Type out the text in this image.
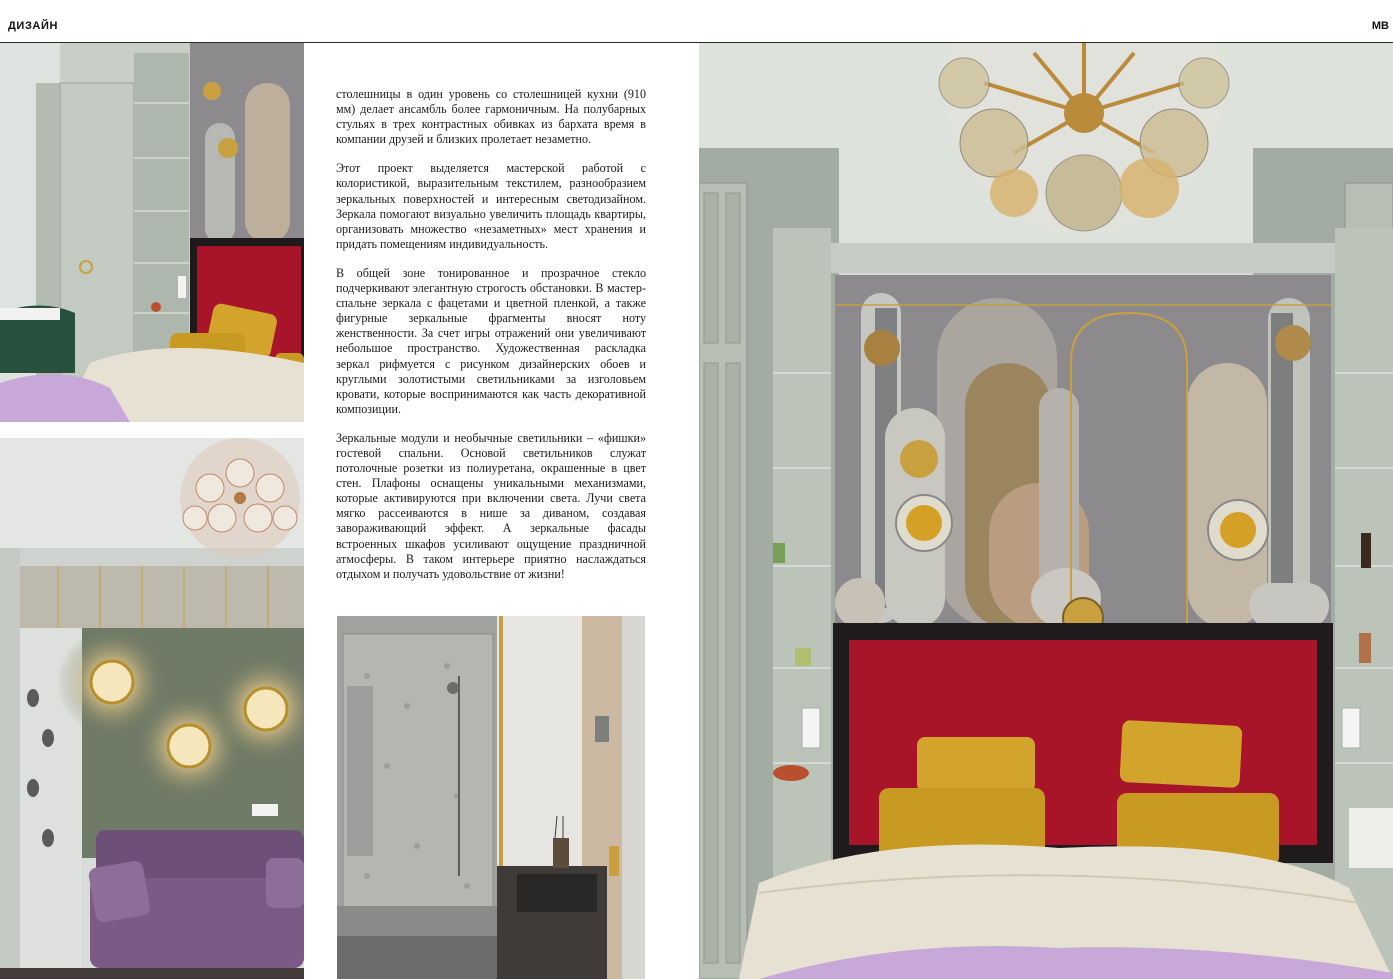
ДИЗАЙН	MB

столешницы в один уровень со столешницей кухни (910 мм) делает ансамбль более гармоничным. На полубарных стульях в трех контрастных обивках из бархата время в компании друзей и близких пролетает незаметно.

Этот проект выделяется мастерской работой с колористикой, выразительным текстилем, разнообразием зеркальных поверхностей и интересным светодизайном. Зеркала помогают визуально увеличить площадь квартиры, организовать множество «незаметных» мест хранения и придать помещениям индивидуальность.

В общей зоне тонированное и прозрачное стекло подчеркивают элегантную строгость обстановки. В мастер-спальне зеркала с фацетами и цветной пленкой, а также фигурные зеркальные фрагменты вносят ноту женственности. За счет игры отражений они увеличивают небольшое пространство. Художественная раскладка зеркал рифмуется с рисунком дизайнерских обоев и круглыми золотистыми светильниками за изголовьем кровати, которые воспринимаются как часть декоративной композиции.

Зеркальные модули и необычные светильники – «фишки» гостевой спальни. Основой светильников служат потолочные розетки из полиуретана, окрашенные в цвет стен. Плафоны оснащены уникальными механизмами, которые активируются при включении света. Лучи света мягко рассеиваются в нише за диваном, создавая завораживающий эффект. А зеркальные фасады встроенных шкафов усиливают ощущение праздничной атмосферы. В таком интерьере приятно наслаждаться отдыхом и получать удовольствие от жизни!
